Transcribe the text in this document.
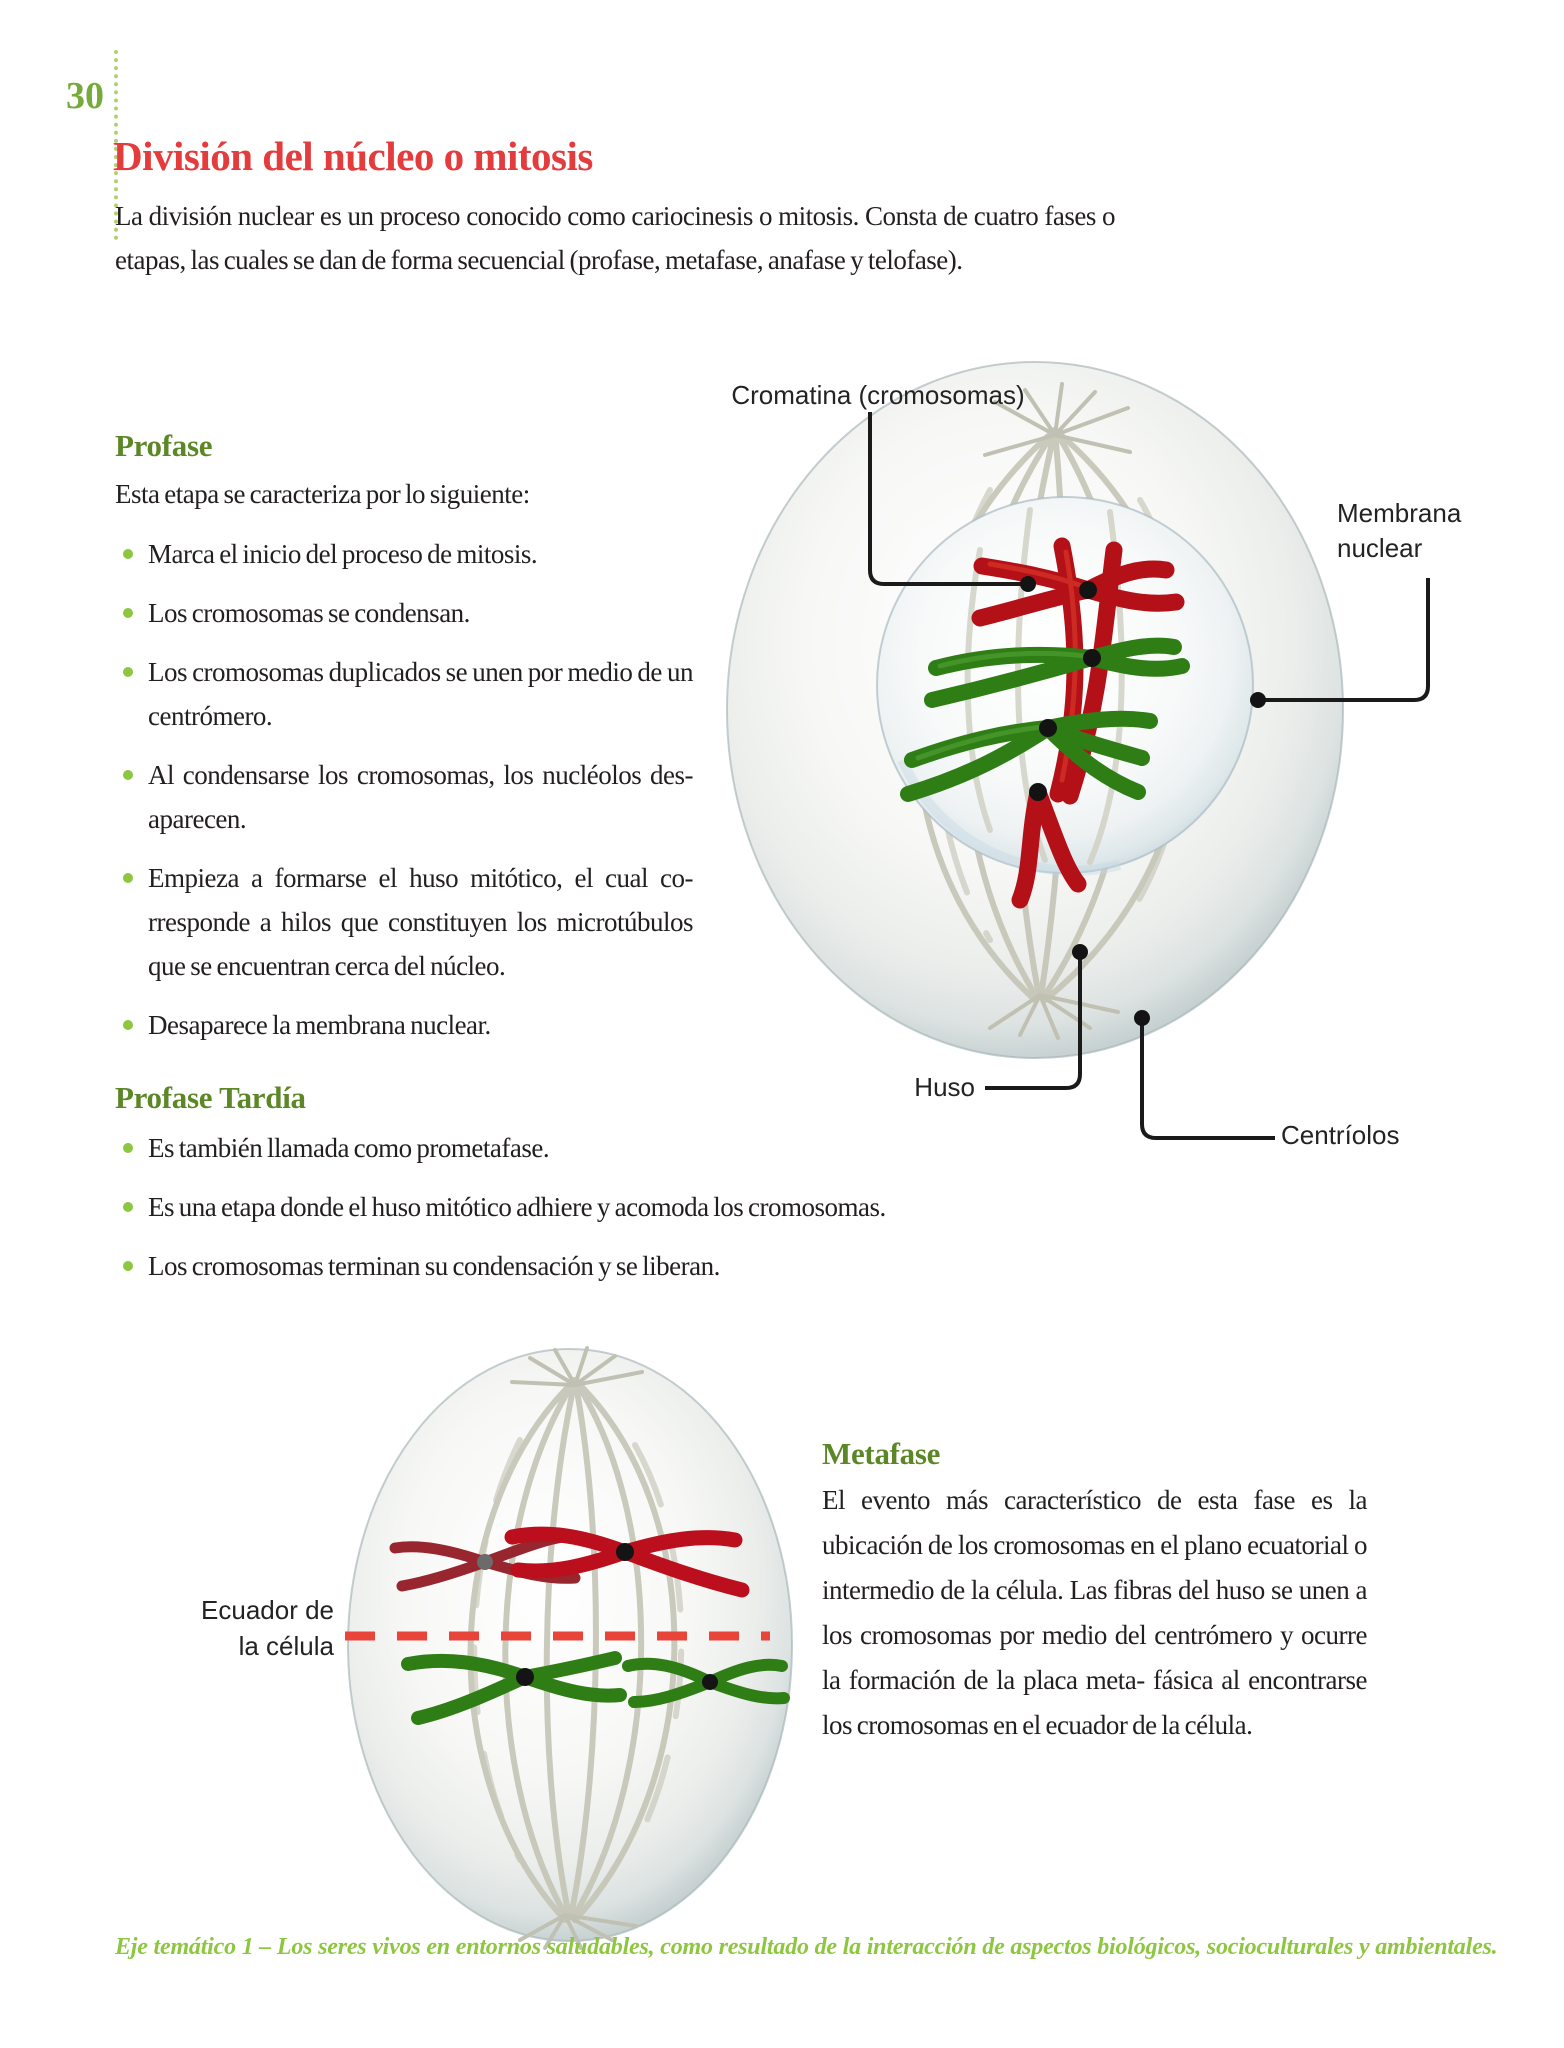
30
División del núcleo o mitosis
La división nuclear es un proceso conocido como cariocinesis o mitosis. Consta de cuatro fases o etapas, las cuales se dan de forma secuencial (profase, metafase, anafase y telofase).
Cromatina (cromosomas)
Membrana
nuclear
Huso
Centríolos
Profase
Esta etapa se caracteriza por lo siguiente:
Marca el inicio del proceso de mitosis.
Los cromosomas se condensan.
Los cromosomas duplicados se unen por medio de un centrómero.
Al condensarse los cromosomas, los nucléolos des- aparecen.
Empieza a formarse el huso mitótico, el cual co- rresponde a hilos que constituyen los microtúbulos que se encuentran cerca del núcleo.
Desaparece la membrana nuclear.
Profase Tardía
Es también llamada como prometafase.
Es una etapa donde el huso mitótico adhiere y acomoda los cromosomas.
Los cromosomas terminan su condensación y se liberan.
Ecuador de
la célula
Metafase
El evento más característico de esta fase es la ubicación de los cromosomas en el plano ecuatorial o intermedio de la célula. Las fibras del huso se unen a los cromosomas por medio del centrómero y ocurre la formación de la placa meta- fásica al encontrarse los cromosomas en el ecuador de la célula.
Eje temático 1 – Los seres vivos en entornos saludables, como resultado de la interacción de aspectos biológicos, socioculturales y ambientales.
